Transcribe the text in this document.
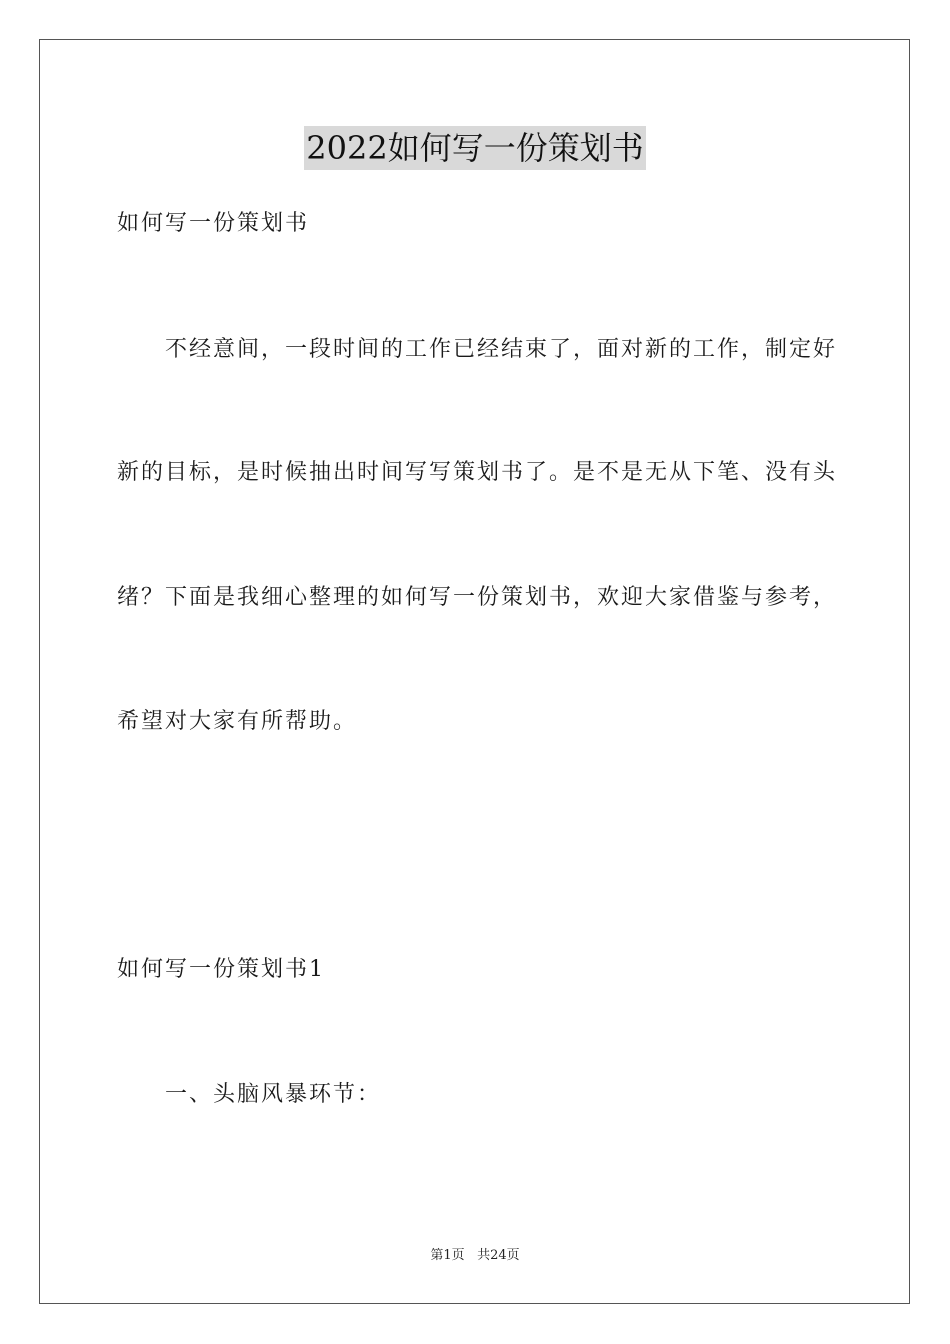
2022如何写一份策划书
如何写一份策划书
不经意间，一段时间的工作已经结束了，面对新的工作，制定好
新的目标，是时候抽出时间写写策划书了。是不是无从下笔、没有头
绪？下面是我细心整理的如何写一份策划书，欢迎大家借鉴与参考，
希望对大家有所帮助。
如何写一份策划书1
一、头脑风暴环节：
第1页 共24页
